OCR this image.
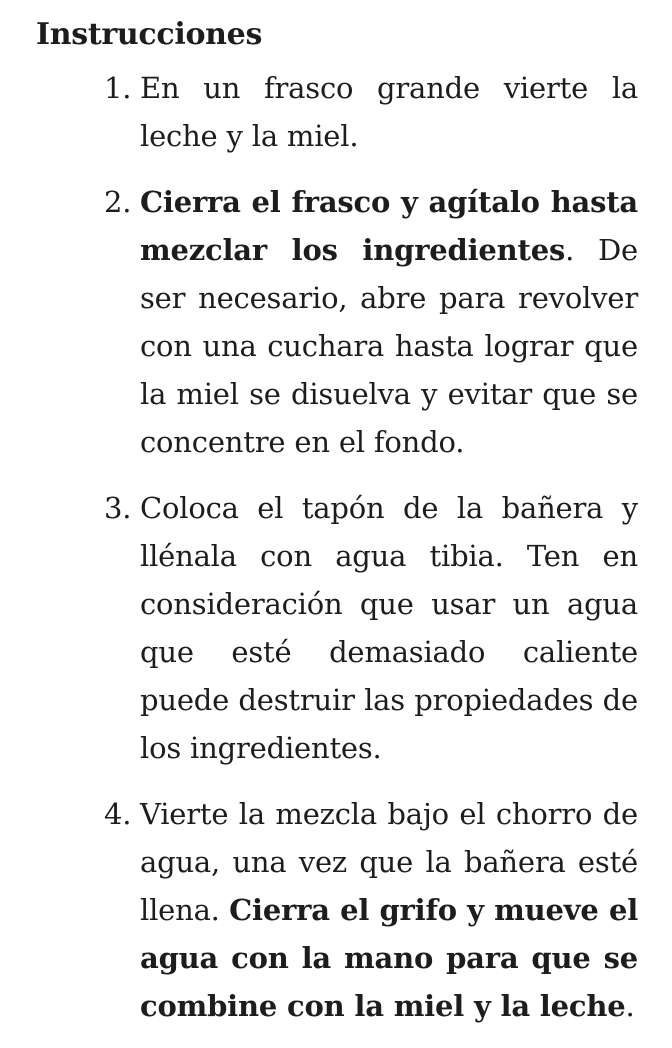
Instrucciones
1. En un frasco grande vierte la leche y la miel.
2. Cierra el frasco y agítalo hasta mezclar los ingredientes. De ser necesario, abre para revolver con una cuchara hasta lograr que la miel se disuelva y evitar que se concentre en el fondo.
3. Coloca el tapón de la bañera y llénala con agua tibia. Ten en consideración que usar un agua que esté demasiado caliente puede destruir las propiedades de los ingredientes.
4. Vierte la mezcla bajo el chorro de agua, una vez que la bañera esté llena. Cierra el grifo y mueve el agua con la mano para que se combine con la miel y la leche.
